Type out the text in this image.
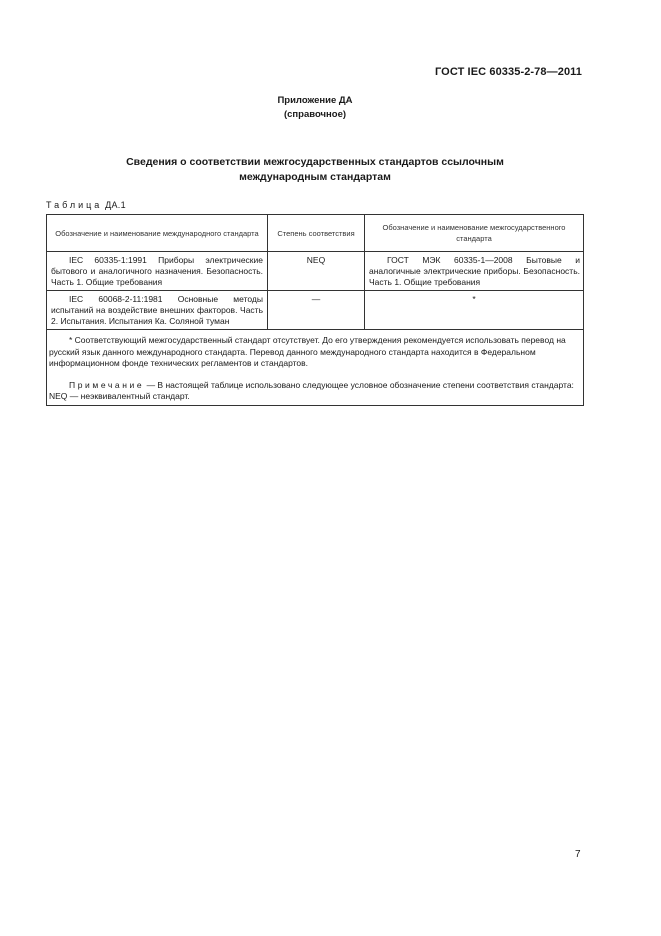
ГОСТ IEC 60335-2-78—2011
Приложение ДА
(справочное)
Сведения о соответствии межгосударственных стандартов ссылочным
международным стандартам
Таблица ДА.1
Обозначение и наименование международного стандарта	Степень соответствия	Обозначение и наименование межгосударственного стандарта

IEC 60335-1:1991 Приборы электрические бытового и аналогичного назначения. Безопасность. Часть 1. Общие требования	NEQ	ГОСТ МЭК 60335-1—2008 Бытовые и аналогичные электрические приборы. Безопасность. Часть 1. Общие требования

IEC 60068-2-11:1981 Основные методы испытаний на воздействие внешних факторов. Часть 2. Испытания. Испытания Ка. Соляной туман	—	*

* Соответствующий межгосударственный стандарт отсутствует. До его утверждения рекомендуется использовать перевод на русский язык данного международного стандарта. Перевод данного международного стандарта находится в Федеральном информационном фонде технических регламентов и стандартов.
Примечание — В настоящей таблице использовано следующее условное обозначение степени соответствия стандарта:
NEQ — неэквивалентный стандарт.		
7
